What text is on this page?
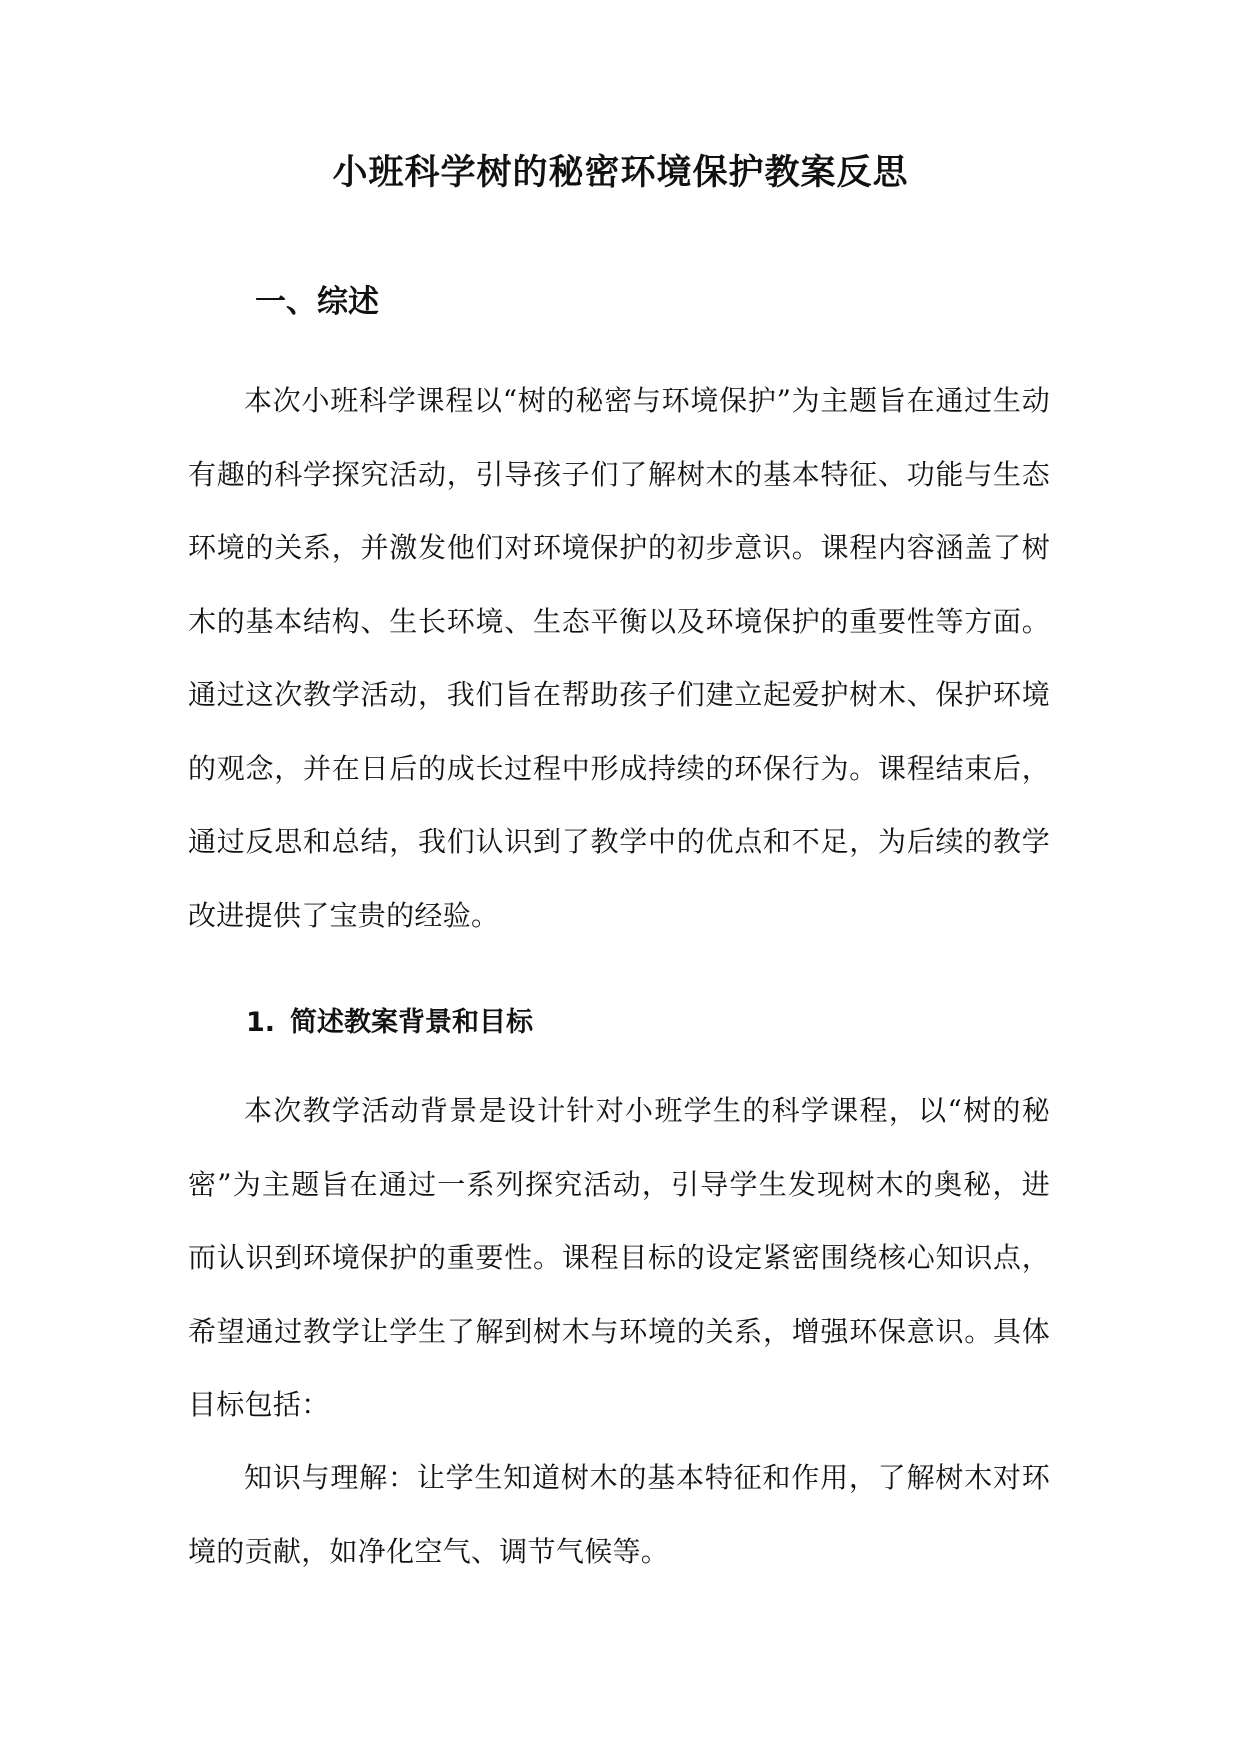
小班科学树的秘密环境保护教案反思
一、综述

本次小班科学课程以“树的秘密与环境保护”为主题旨在通过生动有趣的科学探究活动，引导孩子们了解树木的基本特征、功能与生态环境的关系，并激发他们对环境保护的初步意识。课程内容涵盖了树木的基本结构、生长环境、生态平衡以及环境保护的重要性等方面。通过这次教学活动，我们旨在帮助孩子们建立起爱护树木、保护环境的观念，并在日后的成长过程中形成持续的环保行为。课程结束后，通过反思和总结，我们认识到了教学中的优点和不足，为后续的教学改进提供了宝贵的经验。

1. 简述教案背景和目标

本次教学活动背景是设计针对小班学生的科学课程，以“树的秘密”为主题旨在通过一系列探究活动，引导学生发现树木的奥秘，进而认识到环境保护的重要性。课程目标的设定紧密围绕核心知识点，希望通过教学让学生了解到树木与环境的关系，增强环保意识。具体目标包括：

知识与理解：让学生知道树木的基本特征和作用，了解树木对环境的贡献，如净化空气、调节气候等。
